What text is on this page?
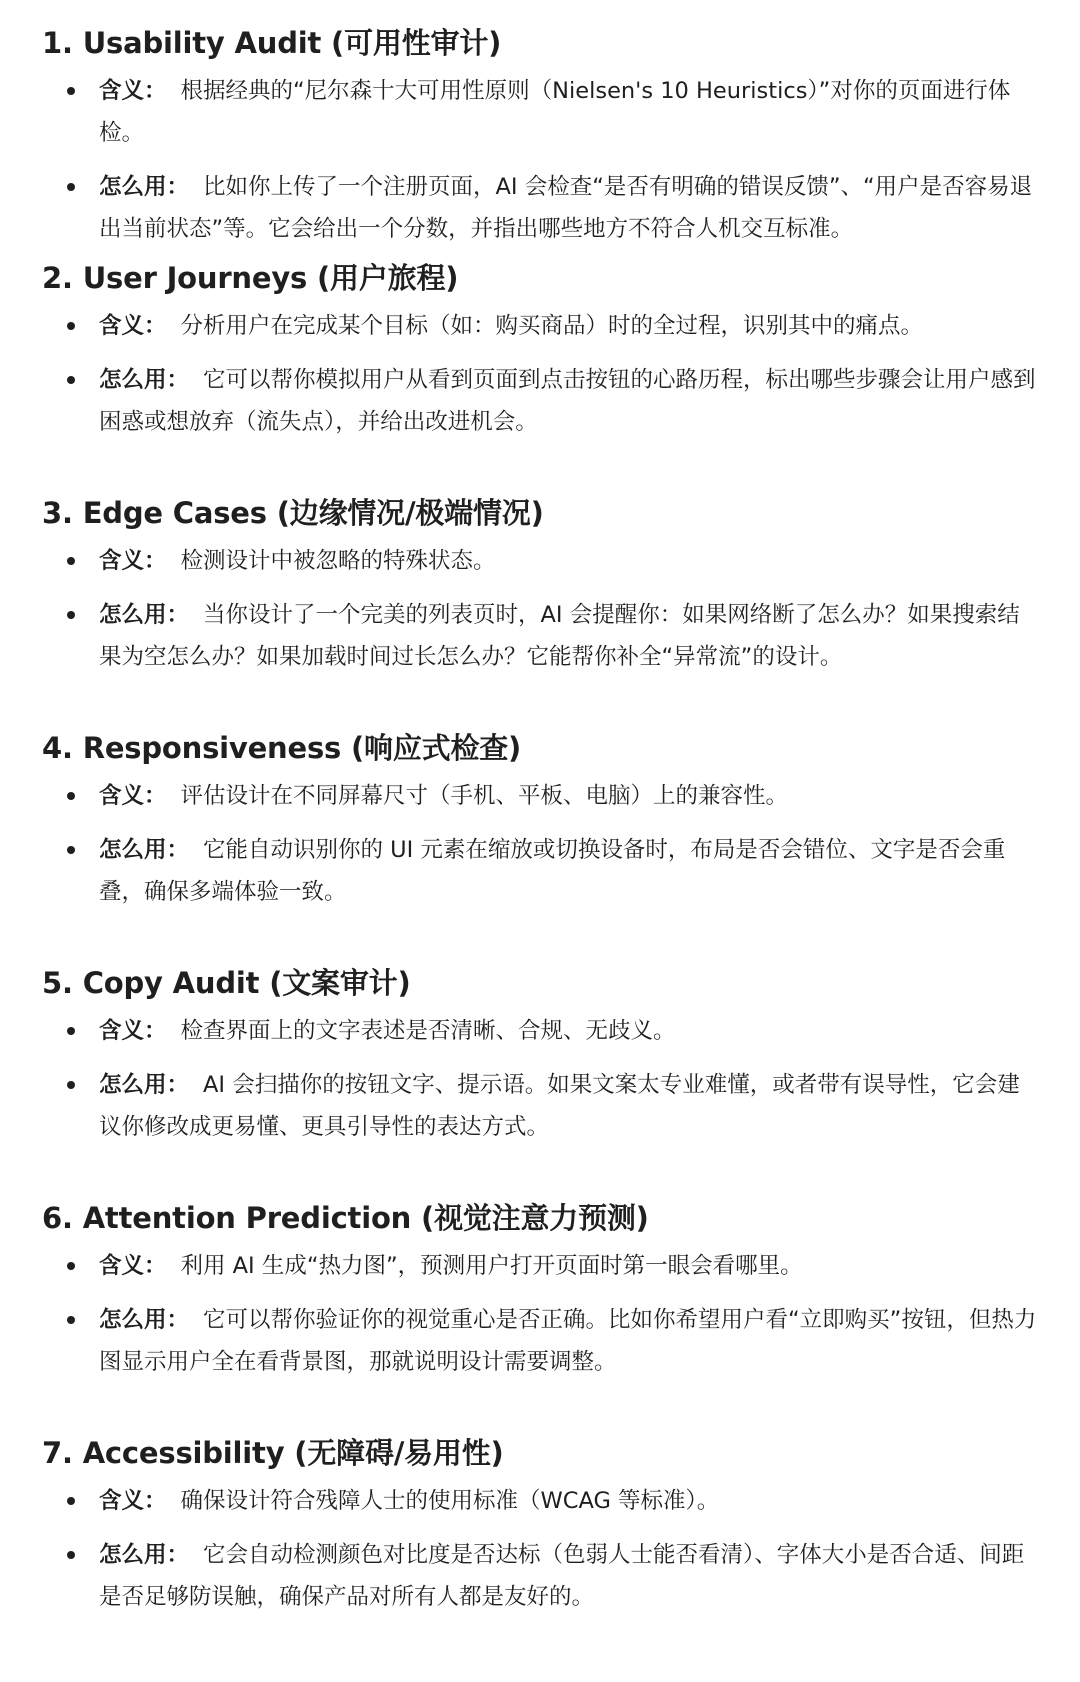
1. Usability Audit (可用性审计)
含义： 根据经典的“尼尔森十大可用性原则（Nielsen's 10 Heuristics）”对你的页面进行体检。
怎么用： 比如你上传了一个注册页面，AI 会检查“是否有明确的错误反馈”、“用户是否容易退出当前状态”等。它会给出一个分数，并指出哪些地方不符合人机交互标准。
2. User Journeys (用户旅程)
含义： 分析用户在完成某个目标（如：购买商品）时的全过程，识别其中的痛点。
怎么用： 它可以帮你模拟用户从看到页面到点击按钮的心路历程，标出哪些步骤会让用户感到困惑或想放弃（流失点），并给出改进机会。
3. Edge Cases (边缘情况/极端情况)
含义： 检测设计中被忽略的特殊状态。
怎么用： 当你设计了一个完美的列表页时，AI 会提醒你：如果网络断了怎么办？如果搜索结果为空怎么办？如果加载时间过长怎么办？它能帮你补全“异常流”的设计。
4. Responsiveness (响应式检查)
含义： 评估设计在不同屏幕尺寸（手机、平板、电脑）上的兼容性。
怎么用： 它能自动识别你的 UI 元素在缩放或切换设备时，布局是否会错位、文字是否会重叠，确保多端体验一致。
5. Copy Audit (文案审计)
含义： 检查界面上的文字表述是否清晰、合规、无歧义。
怎么用： AI 会扫描你的按钮文字、提示语。如果文案太专业难懂，或者带有误导性，它会建议你修改成更易懂、更具引导性的表达方式。
6. Attention Prediction (视觉注意力预测)
含义： 利用 AI 生成“热力图”，预测用户打开页面时第一眼会看哪里。
怎么用： 它可以帮你验证你的视觉重心是否正确。比如你希望用户看“立即购买”按钮，但热力图显示用户全在看背景图，那就说明设计需要调整。
7. Accessibility (无障碍/易用性)
含义： 确保设计符合残障人士的使用标准（WCAG 等标准）。
怎么用： 它会自动检测颜色对比度是否达标（色弱人士能否看清）、字体大小是否合适、间距是否足够防误触，确保产品对所有人都是友好的。
